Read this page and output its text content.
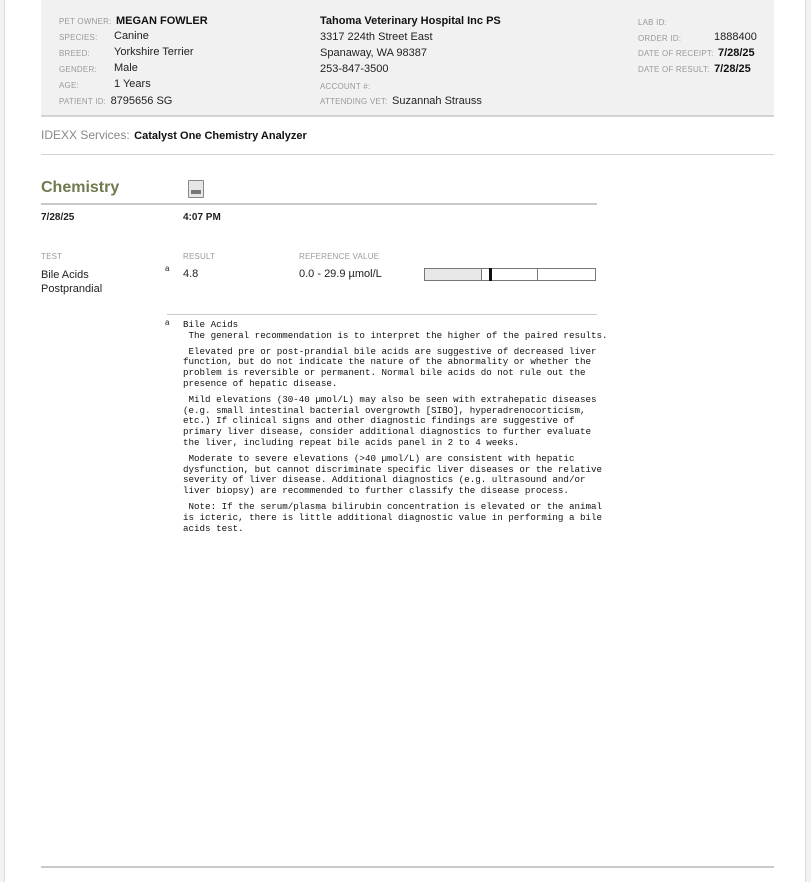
PET OWNER: MEGAN FOWLER
SPECIES: Canine
BREED: Yorkshire Terrier
GENDER: Male
AGE:	1 Years
PATIENT ID: 8795656 SG
Tahoma Veterinary Hospital Inc PS
3317 224th Street East
Spanaway, WA 98387
253-847-3500
ACCOUNT #:
ATTENDING VET: Suzannah Strauss
LAB ID:
ORDER ID:	1888400
DATE OF RECEIPT: 7/28/25
DATE OF RESULT: 7/28/25
IDEXX Services: Catalyst One Chemistry Analyzer
Chemistry
7/28/25	4:07 PM
TEST	RESULT	REFERENCE VALUE
Bile Acids
Postprandial
a 4.8	0.0 - 29.9 µmol/L
a Bile Acids

The general recommendation is to interpret the higher of the paired results.

Elevated pre or post-prandial bile acids are suggestive of decreased liver
function, but do not indicate the nature of the abnormality or whether the
problem is reversible or permanent. Normal bile acids do not rule out the
presence of hepatic disease.

Mild elevations (30-40 µmol/L) may also be seen with extrahepatic diseases
(e.g. small intestinal bacterial overgrowth [SIBO], hyperadrenocorticism,
etc.) If clinical signs and other diagnostic findings are suggestive of
primary liver disease, consider additional diagnostics to further evaluate
the liver, including repeat bile acids panel in 2 to 4 weeks.

Moderate to severe elevations (>40 µmol/L) are consistent with hepatic
dysfunction, but cannot discriminate specific liver diseases or the relative
severity of liver disease. Additional diagnostics (e.g. ultrasound and/or
liver biopsy) are recommended to further classify the disease process.

Note: If the serum/plasma bilirubin concentration is elevated or the animal
is icteric, there is little additional diagnostic value in performing a bile
acids test.
